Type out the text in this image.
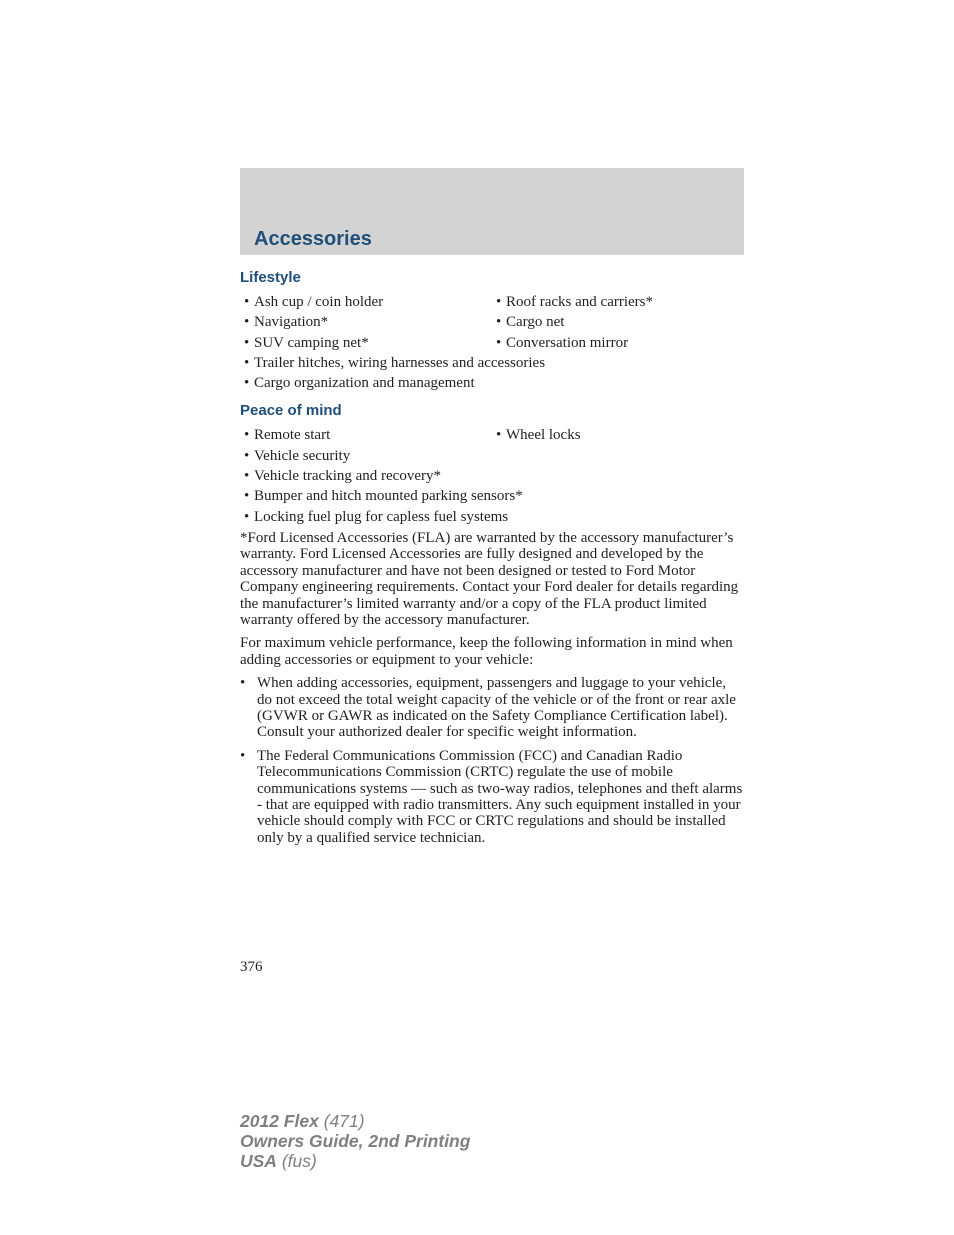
Accessories
Lifestyle
• Ash cup / coin holder	• Roof racks and carriers*
• Navigation*	• Cargo net
• SUV camping net*	• Conversation mirror
• Trailer hitches, wiring harnesses and accessories
• Cargo organization and management
Peace of mind
• Remote start	• Wheel locks
• Vehicle security
• Vehicle tracking and recovery*
• Bumper and hitch mounted parking sensors*
• Locking fuel plug for capless fuel systems

*Ford Licensed Accessories (FLA) are warranted by the accessory manufacturer’s warranty. Ford Licensed Accessories are fully designed and developed by the accessory manufacturer and have not been designed or tested to Ford Motor Company engineering requirements. Contact your Ford dealer for details regarding the manufacturer’s limited warranty and/or a copy of the FLA product limited warranty offered by the accessory manufacturer.

For maximum vehicle performance, keep the following information in mind when adding accessories or equipment to your vehicle:

• When adding accessories, equipment, passengers and luggage to your vehicle, do not exceed the total weight capacity of the vehicle or of the front or rear axle (GVWR or GAWR as indicated on the Safety Compliance Certification label). Consult your authorized dealer for specific weight information.
• The Federal Communications Commission (FCC) and Canadian Radio Telecommunications Commission (CRTC) regulate the use of mobile communications systems — such as two-way radios, telephones and theft alarms - that are equipped with radio transmitters. Any such equipment installed in your vehicle should comply with FCC or CRTC regulations and should be installed only by a qualified service technician.

376

2012 Flex (471)
Owners Guide, 2nd Printing
USA (fus)
